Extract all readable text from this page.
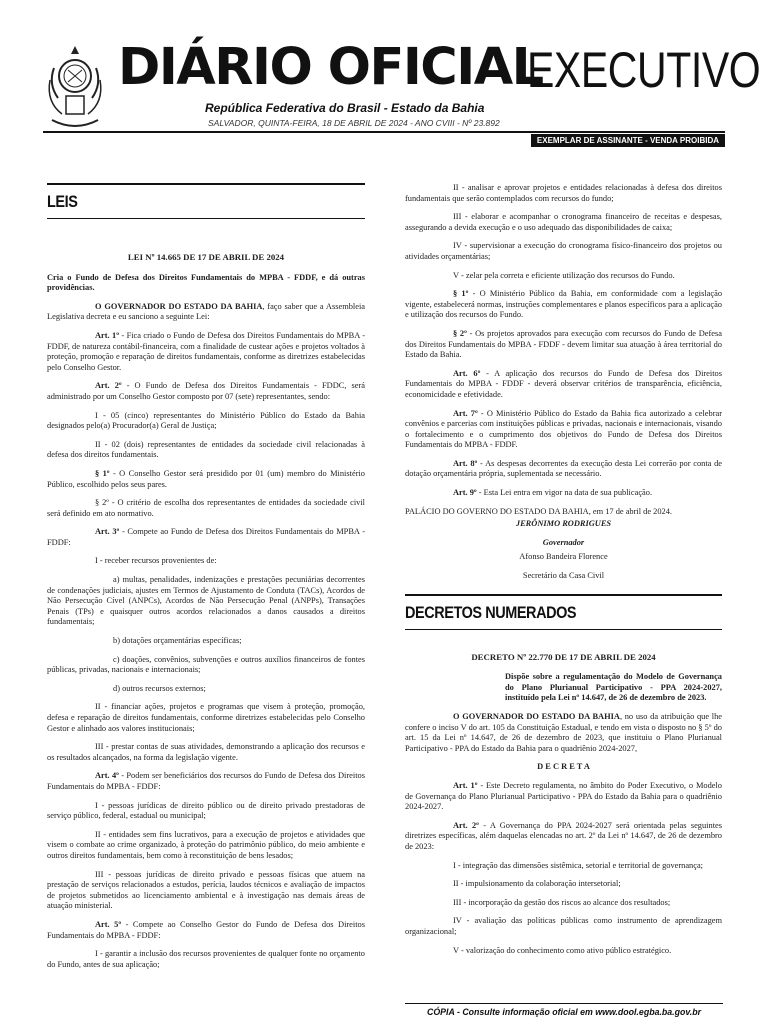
DIÁRIO OFICIAL
EXECUTIVO
República Federativa do Brasil - Estado da Bahia
SALVADOR, QUINTA-FEIRA, 18 DE ABRIL DE 2024 - ANO CVIII - Nº 23.892
EXEMPLAR DE ASSINANTE - VENDA PROIBIDA
LEIS
LEI Nº 14.665 DE 17 DE ABRIL DE 2024

Cria o Fundo de Defesa dos Direitos Fundamentais do MPBA - FDDF, e dá outras providências.

O GOVERNADOR DO ESTADO DA BAHIA, faço saber que a Assembleia Legislativa decreta e eu sanciono a seguinte Lei:

Art. 1º - Fica criado o Fundo de Defesa dos Direitos Fundamentais do MPBA - FDDF, de natureza contábil-financeira, com a finalidade de custear ações e projetos voltados à proteção, promoção e reparação de direitos fundamentais, conforme as diretrizes estabelecidas pelo Conselho Gestor.

Art. 2º - O Fundo de Defesa dos Direitos Fundamentais - FDDC, será administrado por um Conselho Gestor composto por 07 (sete) representantes, sendo:

I - 05 (cinco) representantes do Ministério Público do Estado da Bahia designados pelo(a) Procurador(a) Geral de Justiça;

II - 02 (dois) representantes de entidades da sociedade civil relacionadas à defesa dos direitos fundamentais.

§ 1º - O Conselho Gestor será presidido por 01 (um) membro do Ministério Público, escolhido pelos seus pares.

§ 2º - O critério de escolha dos representantes de entidades da sociedade civil será definido em ato normativo.

Art. 3º - Compete ao Fundo de Defesa dos Direitos Fundamentais do MPBA - FDDF:

I - receber recursos provenientes de:

a) multas, penalidades, indenizações e prestações pecuniárias decorrentes de condenações judiciais, ajustes em Termos de Ajustamento de Conduta (TACs), Acordos de Não Persecução Cível (ANPCs), Acordos de Não Persecução Penal (ANPPs), Transações Penais (TPs) e quaisquer outros acordos relacionados a danos causados a direitos fundamentais;

b) dotações orçamentárias específicas;

c) doações, convênios, subvenções e outros auxílios financeiros de fontes públicas, privadas, nacionais e internacionais;

d) outros recursos externos;

II - financiar ações, projetos e programas que visem à proteção, promoção, defesa e reparação de direitos fundamentais, conforme diretrizes estabelecidas pelo Conselho Gestor e alinhado aos valores institucionais;

III - prestar contas de suas atividades, demonstrando a aplicação dos recursos e os resultados alcançados, na forma da legislação vigente.

Art. 4º - Podem ser beneficiários dos recursos do Fundo de Defesa dos Direitos Fundamentais do MPBA - FDDF:

I - pessoas jurídicas de direito público ou de direito privado prestadoras de serviço público, federal, estadual ou municipal;

II - entidades sem fins lucrativos, para a execução de projetos e atividades que visem o combate ao crime organizado, à proteção do patrimônio público, do meio ambiente e outros direitos fundamentais, bem como à reconstituição de bens lesados;

III - pessoas jurídicas de direito privado e pessoas físicas que atuem na prestação de serviços relacionados a estudos, perícia, laudos técnicos e avaliação de impactos de projetos submetidos ao licenciamento ambiental e à investigação nas demais áreas de atuação ministerial.

Art. 5º - Compete ao Conselho Gestor do Fundo de Defesa dos Direitos Fundamentais do MPBA - FDDF:

I - garantir a inclusão dos recursos provenientes de qualquer fonte no orçamento do Fundo, antes de sua aplicação;

II - analisar e aprovar projetos e entidades relacionadas à defesa dos direitos fundamentais que serão contemplados com recursos do fundo;

III - elaborar e acompanhar o cronograma financeiro de receitas e despesas, assegurando a devida execução e o uso adequado das disponibilidades de caixa;

IV - supervisionar a execução do cronograma físico-financeiro dos projetos ou atividades orçamentárias;

V - zelar pela correta e eficiente utilização dos recursos do Fundo.

§ 1º - O Ministério Público da Bahia, em conformidade com a legislação vigente, estabelecerá normas, instruções complementares e planos específicos para a aplicação e utilização dos recursos do Fundo.

§ 2º - Os projetos aprovados para execução com recursos do Fundo de Defesa dos Direitos Fundamentais do MPBA - FDDF - devem limitar sua atuação à área territorial do Estado da Bahia.

Art. 6º - A aplicação dos recursos do Fundo de Defesa dos Direitos Fundamentais do MPBA - FDDF - deverá observar critérios de transparência, eficiência, economicidade e efetividade.

Art. 7º - O Ministério Público do Estado da Bahia fica autorizado a celebrar convênios e parcerias com instituições públicas e privadas, nacionais e internacionais, visando o fortalecimento e o cumprimento dos objetivos do Fundo de Defesa dos Direitos Fundamentais do MPBA - FDDF.

Art. 8º - As despesas decorrentes da execução desta Lei correrão por conta de dotação orçamentária própria, suplementada se necessário.

Art. 9º - Esta Lei entra em vigor na data de sua publicação.

PALÁCIO DO GOVERNO DO ESTADO DA BAHIA, em 17 de abril de 2024.

JERÔNIMO RODRIGUES

Governador

Afonso Bandeira Florence

Secretário da Casa Civil

DECRETOS NUMERADOS
DECRETO Nº 22.770 DE 17 DE ABRIL DE 2024

Dispõe sobre a regulamentação do Modelo de Governança do Plano Plurianual Participativo - PPA 2024-2027, instituído pela Lei nº 14.647, de 26 de dezembro de 2023.

O GOVERNADOR DO ESTADO DA BAHIA, no uso da atribuição que lhe confere o inciso V do art. 105 da Constituição Estadual, e tendo em vista o disposto no § 5º do art. 15 da Lei nº 14.647, de 26 de dezembro de 2023, que instituiu o Plano Plurianual Participativo - PPA do Estado da Bahia para o quadriênio 2024-2027,

D E C R E T A

Art. 1º - Este Decreto regulamenta, no âmbito do Poder Executivo, o Modelo de Governança do Plano Plurianual Participativo - PPA do Estado da Bahia para o quadriênio 2024-2027.

Art. 2º - A Governança do PPA 2024-2027 será orientada pelas seguintes diretrizes específicas, além daquelas elencadas no art. 2º da Lei nº 14.647, de 26 de dezembro de 2023:

I - integração das dimensões sistêmica, setorial e territorial de governança;

II - impulsionamento da colaboração intersetorial;

III - incorporação da gestão dos riscos ao alcance dos resultados;

IV - avaliação das políticas públicas como instrumento de aprendizagem organizacional;

V - valorização do conhecimento como ativo público estratégico.

CÓPIA - Consulte informação oficial em www.dool.egba.ba.gov.br
